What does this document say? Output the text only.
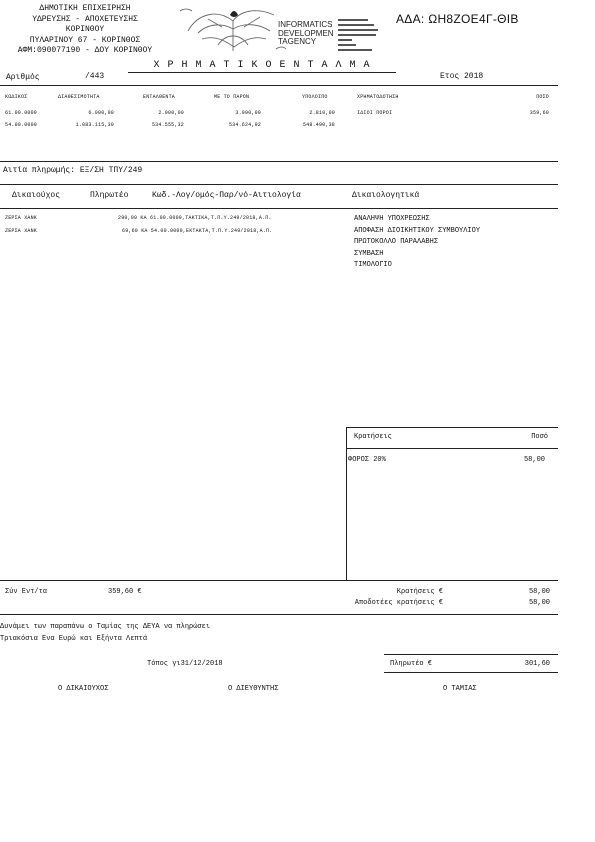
ΔΗΜΟΤΙΚΗ ΕΠΙΧΕΙΡΗΣΗ
ΥΔΡΕΥΣΗΣ - ΑΠΟΧΕΤΕΥΣΗΣ
ΚΟΡΙΝΘΟΥ
ΠΥΛΑΡΙΝΟΥ 67 - ΚΟΡΙΝΘΟΣ
ΑΦΜ:090077190 - ΔΟΥ ΚΟΡΙΝΘΟΥ
INFORMATICS
DEVELOPMEN
TAGENCY
ΑΔΑ: ΩΗ8ΖΟΕ4Γ-ΘΙΒ
Χ Ρ Η Μ Α Τ Ι Κ Ο Ε Ν Τ Α Λ Μ Α
Αριθμός	/443	Ετος 2018
ΚΩΔΙΚΟΣ	ΔΙΑΘΕΣΙΜΟΤΗΤΑ	ΕΝΤΑΛΘΕΝΤΑ	ΜΕ ΤΟ ΠΑΡΟΝ	ΥΠΟΛΟΙΠΟ	ΧΡΗΜΑΤΟΔΟΤΗΣΗ	ΠΟΣΟ
61.00.0009	6.000,00	2.900,00	3.990,00	2.810,00	ΙΔΙΟΙ ΠΟΡΟΙ	359,60
54.00.0000	1.083.115,30	534.555,32	534.624,92	548.490,38
Αιτία πληρωμής: ΕΞ/ΣΗ ΤΠΥ/249
Δικαιούχος	Πληρωτέο	Κωδ.-Λογ/ομός-Παρ/νό-Αιτιολογία	Δικαιολογητικά
ΖΕΡΣΑ ΧΑΝΚ	290,00 ΚΑ 61.00.0009,ΤΑΚΤΙΚΑ,Τ.Π.Υ.249/2018,Α.Π.
ΖΕΡΣΑ ΧΑΝΚ	69,60 ΚΑ 54.00.0000,ΕΚΤΑΚΤΑ,Τ.Π.Υ.249/2018,Α.Π.
ΑΝΑΛΗΨΗ ΥΠΟΧΡΕΩΣΗΣ
ΑΠΟΦΑΣΗ ΔΙΟΙΚΗΤΙΚΟΥ ΣΥΜΒΟΥΛΙΟΥ
ΠΡΩΤΟΚΟΛΛΟ ΠΑΡΑΛΑΒΗΣ
ΣΥΜΒΑΣΗ
ΤΙΜΟΛΟΓΙΟ
Κρατήσεις	Ποσό
ΦΟΡΟΣ 20%	58,00
Σύν Εντ/τα	359,60 €	Κρατήσεις €	58,00
Αποδοτέες κρατήσεις €	58,00
Δυνάμει των παραπάνω ο Ταμίας της ΔΕΥΑ να πληρώσει
Τριακόσια Ενα Ευρώ και Εξήντα Λεπτά
Τόπος γι31/12/2018	Πληρωτέο €	301,60
Ο ΔΙΚΑΙΟΥΧΟΣ	Ο ΔΙΕΥΘΥΝΤΗΣ	Ο ΤΑΜΙΑΣ
